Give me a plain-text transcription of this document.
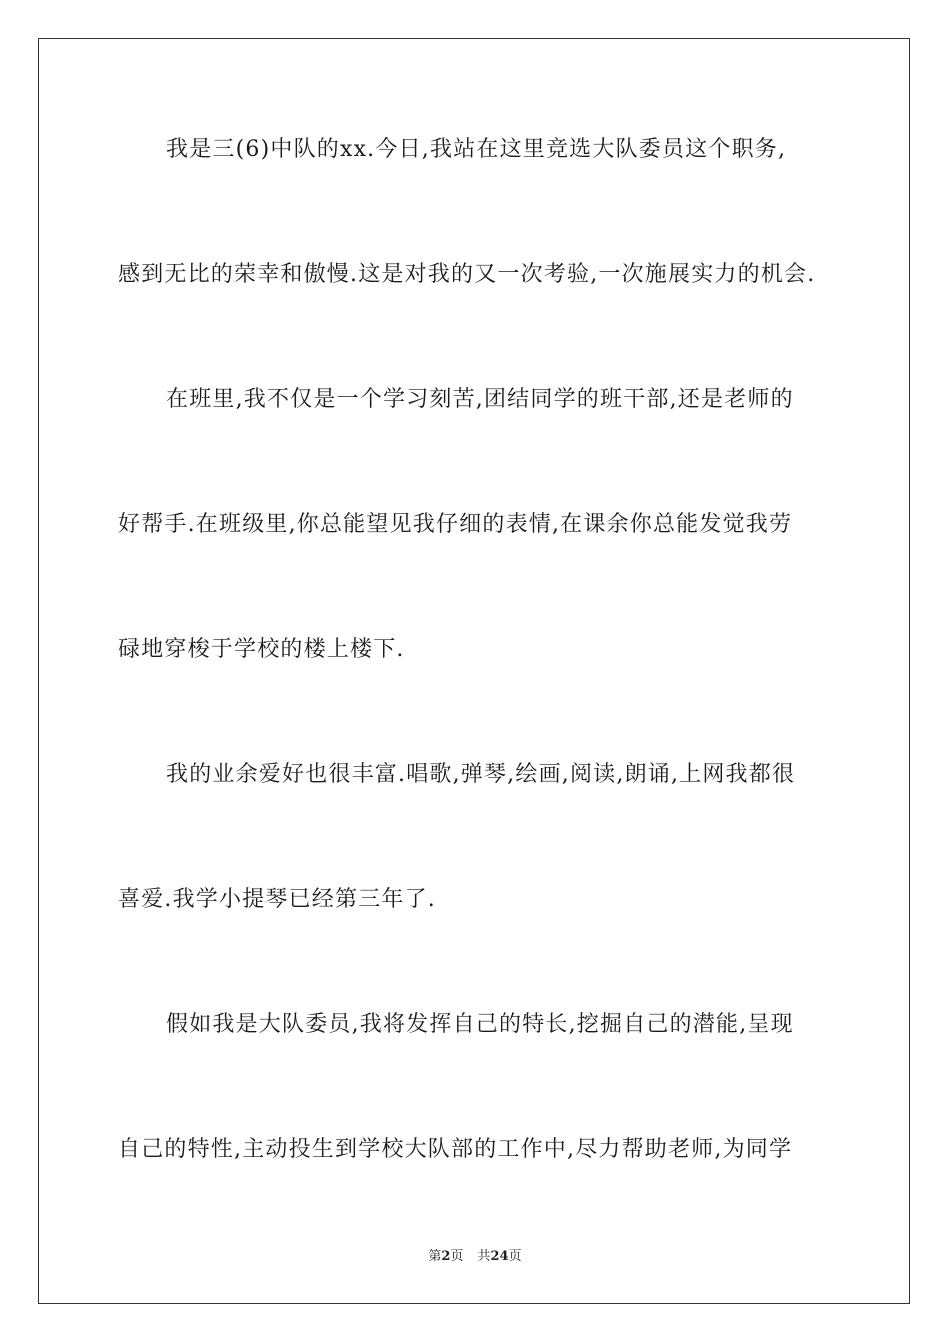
我是三(6)中队的xx.今日,我站在这里竞选大队委员这个职务,
感到无比的荣幸和傲慢.这是对我的又一次考验,一次施展实力的机会.
在班里,我不仅是一个学习刻苦,团结同学的班干部,还是老师的
好帮手.在班级里,你总能望见我仔细的表情,在课余你总能发觉我劳
碌地穿梭于学校的楼上楼下.
我的业余爱好也很丰富.唱歌,弹琴,绘画,阅读,朗诵,上网我都很
喜爱.我学小提琴已经第三年了.
假如我是大队委员,我将发挥自己的特长,挖掘自己的潜能,呈现
自己的特性,主动投生到学校大队部的工作中,尽力帮助老师,为同学
第2页 共24页
